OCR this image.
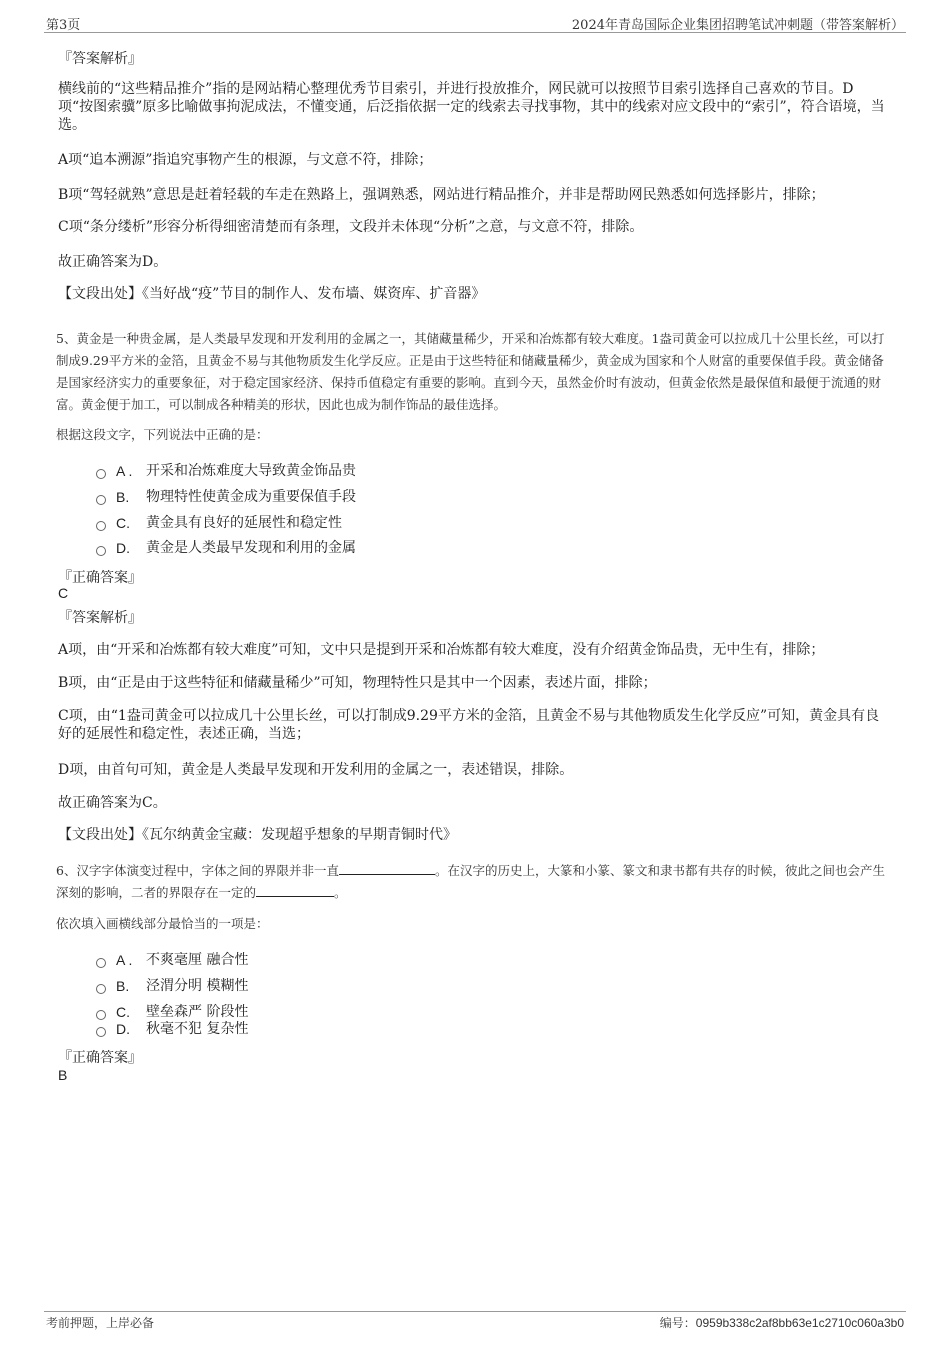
第3页	2024年青岛国际企业集团招聘笔试冲刺题（带答案解析）
『答案解析』
横线前的“这些精品推介”指的是网站精心整理优秀节目索引，并进行投放推介，网民就可以按照节目索引选择自己喜欢的节目。D项“按图索骥”原多比喻做事拘泥成法，不懂变通，后泛指依据一定的线索去寻找事物，其中的线索对应文段中的“索引”，符合语境，当选。
A项“追本溯源”指追究事物产生的根源，与文意不符，排除；
B项“驾轻就熟”意思是赶着轻载的车走在熟路上，强调熟悉，网站进行精品推介，并非是帮助网民熟悉如何选择影片，排除；
C项“条分缕析”形容分析得细密清楚而有条理，文段并未体现“分析”之意，与文意不符，排除。
故正确答案为D。
【文段出处】《当好战“疫”节目的制作人、发布墙、媒资库、扩音器》
5、黄金是一种贵金属，是人类最早发现和开发利用的金属之一，其储藏量稀少，开采和冶炼都有较大难度。1盎司黄金可以拉成几十公里长丝，可以打制成9.29平方米的金箔，且黄金不易与其他物质发生化学反应。正是由于这些特征和储藏量稀少，黄金成为国家和个人财富的重要保值手段。黄金储备是国家经济实力的重要象征，对于稳定国家经济、保持币值稳定有重要的影响。直到今天，虽然金价时有波动，但黄金依然是最保值和最便于流通的财富。黄金便于加工，可以制成各种精美的形状，因此也成为制作饰品的最佳选择。
根据这段文字，下列说法中正确的是：
A . 开采和冶炼难度大导致黄金饰品贵
B.	物理特性使黄金成为重要保值手段
C.	黄金具有良好的延展性和稳定性
D.	黄金是人类最早发现和利用的金属
『正确答案』
C
『答案解析』
A项，由“开采和冶炼都有较大难度”可知，文中只是提到开采和冶炼都有较大难度，没有介绍黄金饰品贵，无中生有，排除；
B项，由“正是由于这些特征和储藏量稀少”可知，物理特性只是其中一个因素，表述片面，排除；
C项，由“1盎司黄金可以拉成几十公里长丝，可以打制成9.29平方米的金箔，且黄金不易与其他物质发生化学反应”可知，黄金具有良好的延展性和稳定性，表述正确，当选；
D项，由首句可知，黄金是人类最早发现和开发利用的金属之一，表述错误，排除。
故正确答案为C。
【文段出处】《瓦尔纳黄金宝藏：发现超乎想象的早期青铜时代》
6、汉字字体演变过程中，字体之间的界限并非一直	。在汉字的历史上，大篆和小篆、篆文和隶书都有共存的时候，彼此之间也会产生深刻的影响，二者的界限存在一定的	。
依次填入画横线部分最恰当的一项是：
A . 不爽毫厘 融合性
B.	泾渭分明 模糊性
C.	壁垒森严 阶段性
D.	秋毫不犯 复杂性
『正确答案』
B
考前押题，上岸必备	编号：0959b338c2af8bb63e1c2710c060a3b0
